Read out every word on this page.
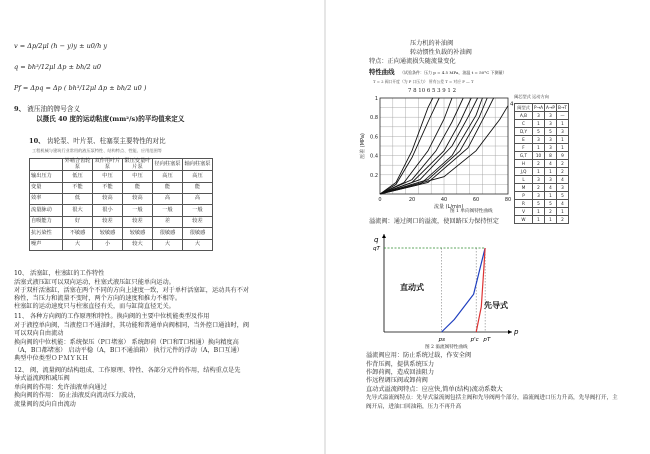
v = Δp/2μl (h − y)y ± u0/h y
q = bh³/12μl Δp ± bh/2 u0
Pf = Δpq = Δp ( bh³/12μl Δp ± bh/2 u0 )
9、 液压油的牌号含义
以摄氏 40 度的运动粘度(mm²/s)的平均值来定义
10、 齿轮泵、叶片泵、柱塞泵主要特性的对比
工程机械与建筑行业常用的液压泵特性、结构特点、性能、应用范围等
	外啮合齿轮泵	双作用叶片泵	限压变量叶片泵	径向柱塞泵	轴向柱塞泵
输出压力	低压	中压	中压	高压	高压
变量	不能	不能	能	能	能
效率	低	较高	较高	高	高
流量脉动	很大	很小	一般	一般	一般
自吸能力	好	较差	较差	差	较差
抗污染性	不敏感	较敏感	较敏感	很敏感	很敏感
噪声	大	小	较大	大	大
10、 活塞缸，柱塞缸的工作特性
活塞式液压缸可以双向运动，柱塞式液压缸只能单向运动。
对于双杆活塞缸，活塞在两个不同的方向上速度一致，对于单杆活塞缸，运动具有不对
称性，当压力和流量不变时，两个方向的速度和推力不相等。
柱塞缸的运动速度只与柱塞直径有关，而与缸筒直径无关。
11、 各种方向阀的工作原理和特性。换向阀的主要中位机能类型及作用
对于液控单向阀，当液控口不通油时，其功能和普通单向阀相同，当外控口通油时，阀
可以双向自由流动
换向阀的中位机能：系统保压（P口堵塞） 系统卸荷（P口和T口相通）换向精度高
（A，B口都堵塞） 启动平稳（A，B口不通油箱） 执行元件的浮动（A，B口互通）
典型中位类型ＯＰＭＹＫＨ
12、 阀，流量阀的结构组成、工作原理、特性、各部分元件的作用，结构重点是先
导式溢流阀和减压阀
单向阀的作用：允许油液单向通过
换向阀的作用： 防止油液反向流动压力波动，
流量阀的反向自由流动
压力机的补油阀
转动惯性负载的补油阀
特点：正向通流损失随流量变化
特性曲线 （试验条件：压力 p = 4.5 MPa，油温 t = 50°C 下测量）
T = 2 阀口开度（为 P 口压力） 所有公差 T = 对应 P — T
0	20	40	60	80
0.2
0.4
0.6
0.8
1
流量 (L/min)
压差 (MPa)
4
7 8 10 6 5 3 9 1 2
阀芯型式 运动方向
阀型式	P→A	A→P	B→T
A,B	3	3	—
C	1	3	1
D,Y	5	5	3
E	3	3	1
F	1	3	1
G,T	10	8	9
H	2	4	2
J,Q	1	1	2
L	3	3	4
M	2	4	3
P	3	1	5
R	5	5	4
V	1	2	1
W	1	1	2
图 1 单向阀特性曲线
溢流阀：通过阀口的溢流，使回路压力保持恒定
q
p
qT
ps	p'c pT
直动式
先导式
图 2 溢流阀特性曲线
溢流阀应用：防止系统过载，作安全阀
作背压阀，提供系统压力
作卸荷阀，造成回油阻力
作远程调压阀或卸荷阀
直动式溢流阀特点：应应快,简单(结构)流动系数大
先导式溢流阀特点：先导式溢流阀包括主阀和先导阀两个部分，溢流阀进口压力升高，先导阀打开，主
阀开启，进油口回油箱，压力不再升高
